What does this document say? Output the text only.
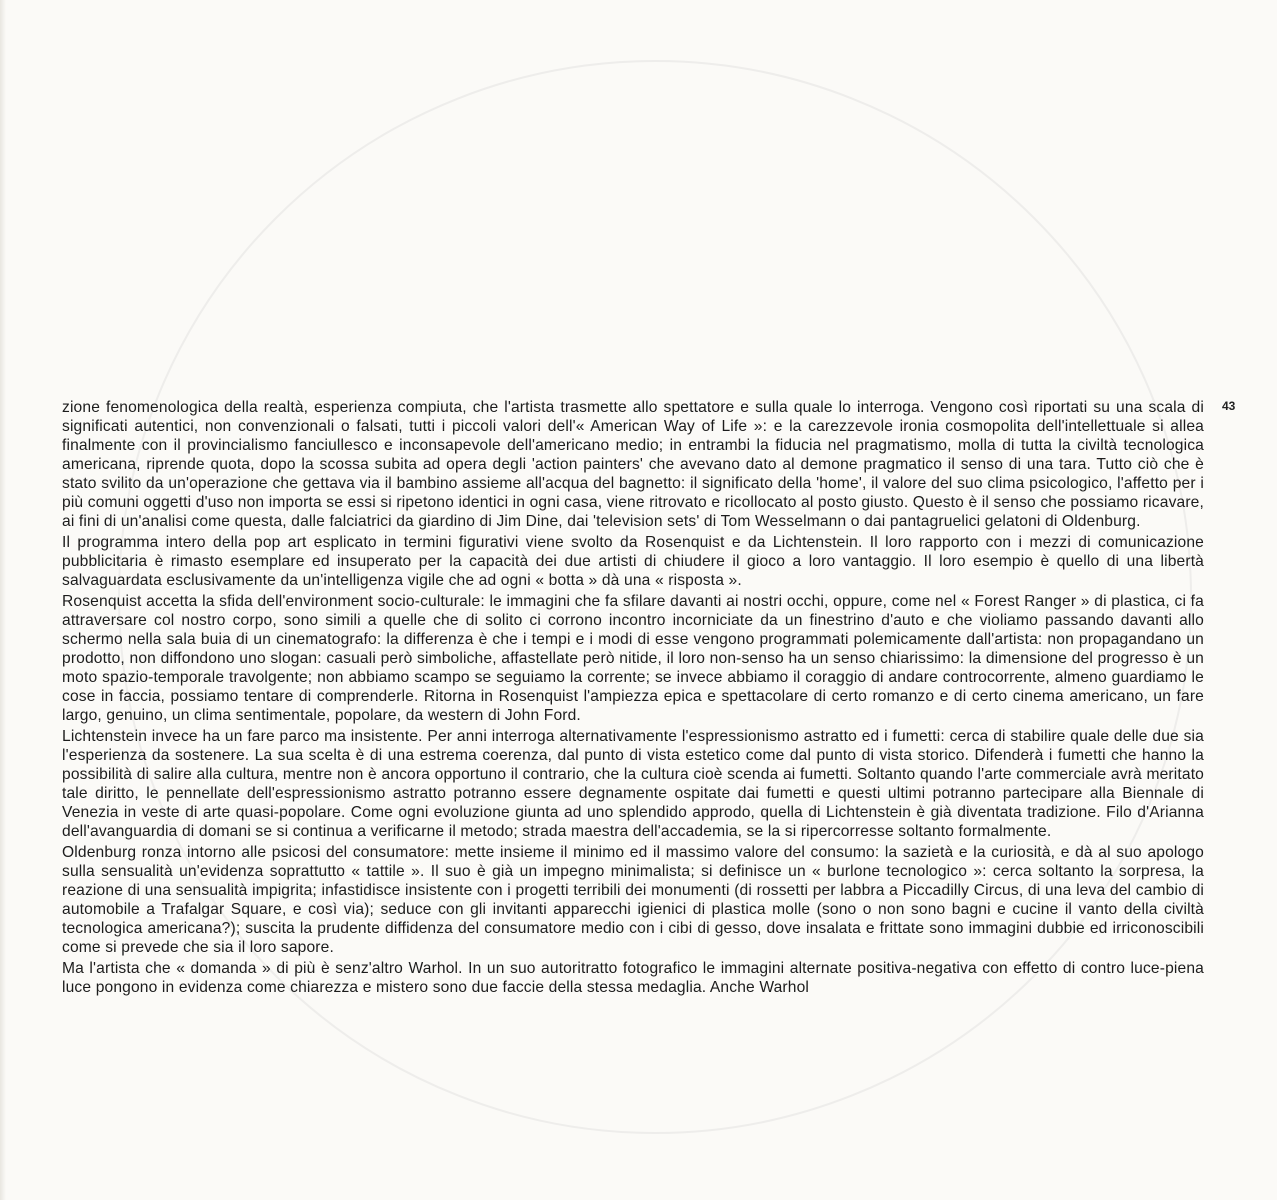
43

zione fenomenologica della realtà, esperienza compiuta, che l'artista trasmette allo spettatore e sulla quale lo interroga. Vengono così riportati su una scala di significati autentici, non convenzionali o falsati, tutti i piccoli valori dell'« American Way of Life »: e la carezzevole ironia cosmopolita dell'intellettuale si allea finalmente con il provincialismo fanciullesco e inconsapevole dell'americano medio; in entrambi la fiducia nel pragmatismo, molla di tutta la civiltà tecnologica americana, riprende quota, dopo la scossa subita ad opera degli 'action painters' che avevano dato al demone pragmatico il senso di una tara. Tutto ciò che è stato svilito da un'operazione che gettava via il bambino assieme all'acqua del bagnetto: il significato della 'home', il valore del suo clima psicologico, l'affetto per i più comuni oggetti d'uso non importa se essi si ripetono identici in ogni casa, viene ritrovato e ricollocato al posto giusto. Questo è il senso che possiamo ricavare, ai fini di un'analisi come questa, dalle falciatrici da giardino di Jim Dine, dai 'television sets' di Tom Wesselmann o dai pantagruelici gelatoni di Oldenburg.

Il programma intero della pop art esplicato in termini figurativi viene svolto da Rosenquist e da Lichtenstein. Il loro rapporto con i mezzi di comunicazione pubblicitaria è rimasto esemplare ed insuperato per la capacità dei due artisti di chiudere il gioco a loro vantaggio. Il loro esempio è quello di una libertà salvaguardata esclusivamente da un'intelligenza vigile che ad ogni « botta » dà una « risposta ».

Rosenquist accetta la sfida dell'environment socio-culturale: le immagini che fa sfilare davanti ai nostri occhi, oppure, come nel « Forest Ranger » di plastica, ci fa attraversare col nostro corpo, sono simili a quelle che di solito ci corrono incontro incorniciate da un finestrino d'auto e che violiamo passando davanti allo schermo nella sala buia di un cinematografo: la differenza è che i tempi e i modi di esse vengono programmati polemicamente dall'artista: non propagandano un prodotto, non diffondono uno slogan: casuali però simboliche, affastellate però nitide, il loro non-senso ha un senso chiarissimo: la dimensione del progresso è un moto spazio-temporale travolgente; non abbiamo scampo se seguiamo la corrente; se invece abbiamo il coraggio di andare controcorrente, almeno guardiamo le cose in faccia, possiamo tentare di comprenderle. Ritorna in Rosenquist l'ampiezza epica e spettacolare di certo romanzo e di certo cinema americano, un fare largo, genuino, un clima sentimentale, popolare, da western di John Ford.

Lichtenstein invece ha un fare parco ma insistente. Per anni interroga alternativamente l'espressionismo astratto ed i fumetti: cerca di stabilire quale delle due sia l'esperienza da sostenere. La sua scelta è di una estrema coerenza, dal punto di vista estetico come dal punto di vista storico. Difenderà i fumetti che hanno la possibilità di salire alla cultura, mentre non è ancora opportuno il contrario, che la cultura cioè scenda ai fumetti. Soltanto quando l'arte commerciale avrà meritato tale diritto, le pennellate dell'espressionismo astratto potranno essere degnamente ospitate dai fumetti e questi ultimi potranno partecipare alla Biennale di Venezia in veste di arte quasi-popolare. Come ogni evoluzione giunta ad uno splendido approdo, quella di Lichtenstein è già diventata tradizione. Filo d'Arianna dell'avanguardia di domani se si continua a verificarne il metodo; strada maestra dell'accademia, se la si ripercorresse soltanto formalmente.

Oldenburg ronza intorno alle psicosi del consumatore: mette insieme il minimo ed il massimo valore del consumo: la sazietà e la curiosità, e dà al suo apologo sulla sensualità un'evidenza soprattutto « tattile ». Il suo è già un impegno minimalista; si definisce un « burlone tecnologico »: cerca soltanto la sorpresa, la reazione di una sensualità impigrita; infastidisce insistente con i progetti terribili dei monumenti (di rossetti per labbra a Piccadilly Circus, di una leva del cambio di automobile a Trafalgar Square, e così via); seduce con gli invitanti apparecchi igienici di plastica molle (sono o non sono bagni e cucine il vanto della civiltà tecnologica americana?); suscita la prudente diffidenza del consumatore medio con i cibi di gesso, dove insalata e frittate sono immagini dubbie ed irriconoscibili come si prevede che sia il loro sapore.

Ma l'artista che « domanda » di più è senz'altro Warhol. In un suo autoritratto fotografico le immagini alternate positiva-negativa con effetto di contro luce-piena luce pongono in evidenza come chiarezza e mistero sono due faccie della stessa medaglia. Anche Warhol
